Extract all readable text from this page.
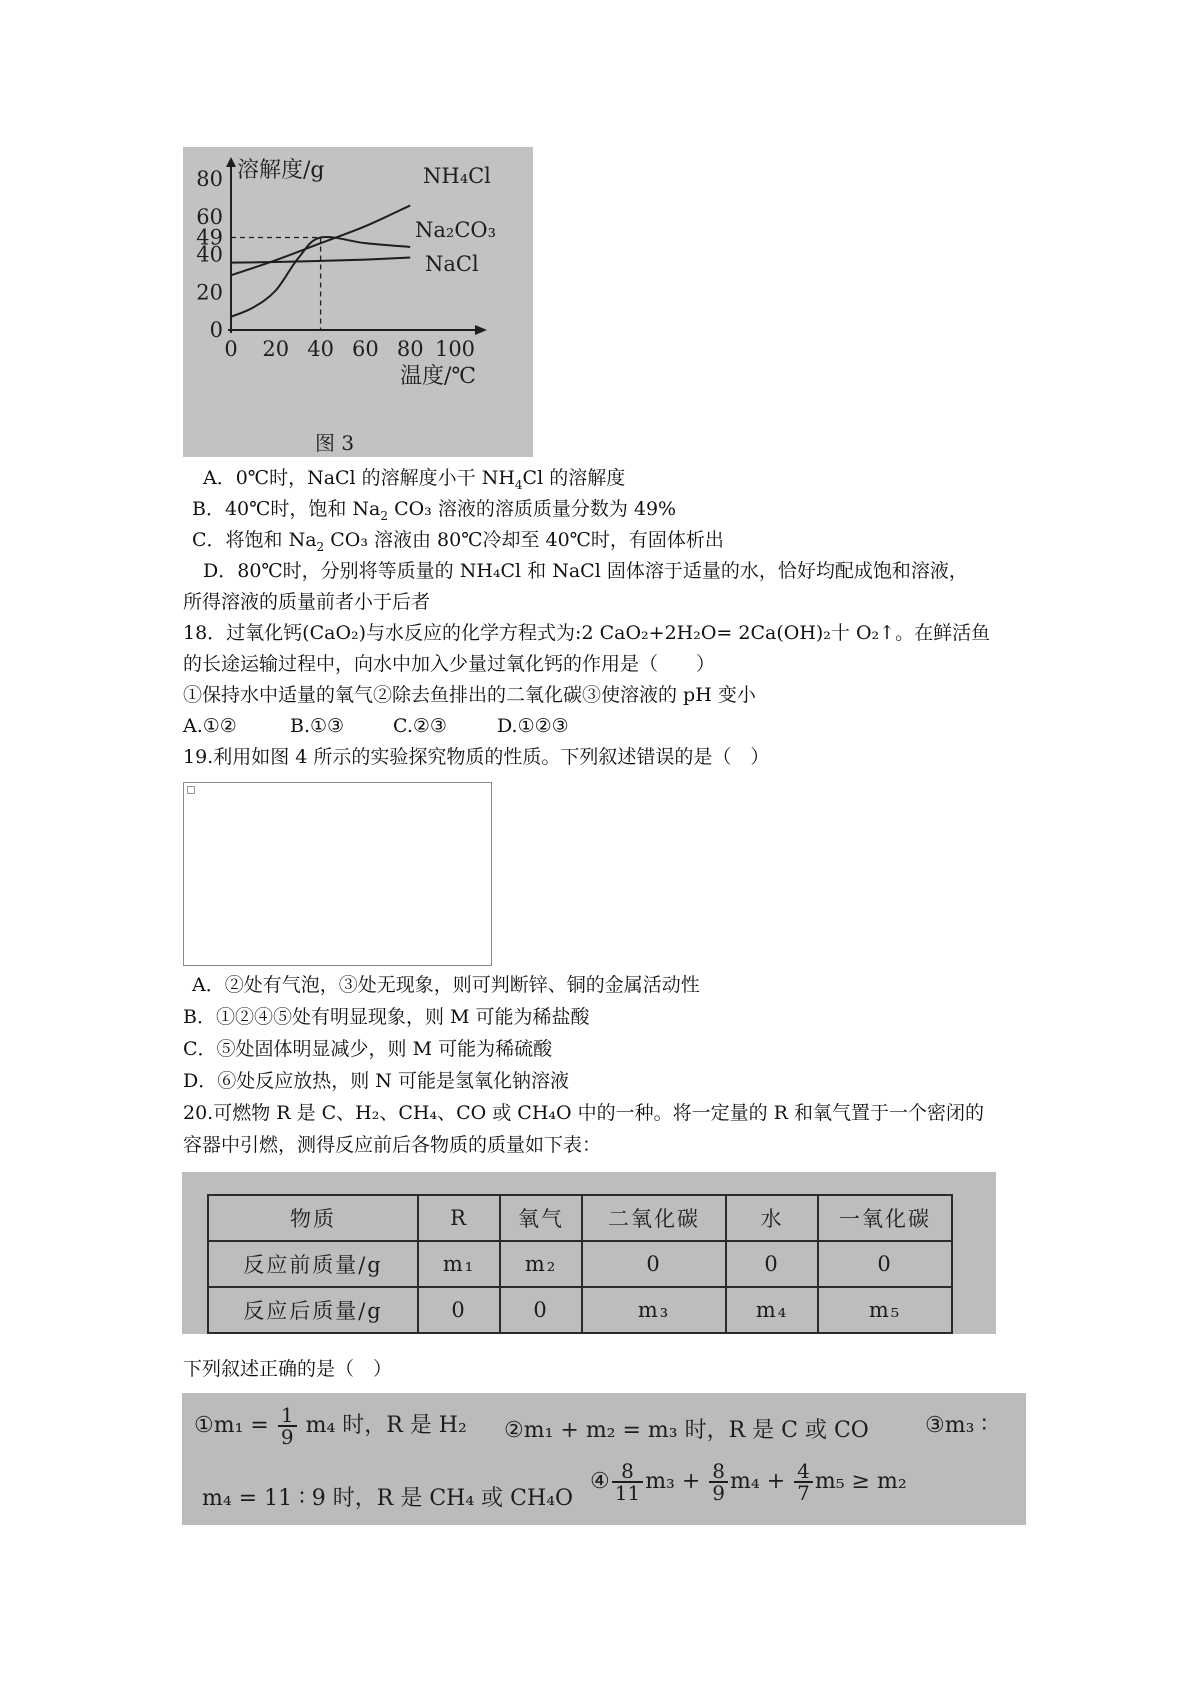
0
20
40
49
60
80
0 20 40 60 80 100
溶解度/g
温度/℃
NH₄Cl
Na₂CO₃
NaCl
图 3
A．0℃时，NaCl 的溶解度小干 $NH_4Cl$ 的溶解度
B．40℃时，饱和 $Na_2$ CO₃ 溶液的溶质质量分数为 49%
C．将饱和 $Na_2$ CO₃ 溶液由 80℃冷却至 40℃时，有固体析出
D．80℃时，分别将等质量的 NH₄Cl 和 NaCl 固体溶于适量的水，恰好均配成饱和溶液，
所得溶液的质量前者小于后者
18．过氧化钙(CaO₂)与水反应的化学方程式为:2 CaO₂+2H₂O= 2Ca(OH)₂十 O₂↑。在鲜活鱼
的长途运输过程中，向水中加入少量过氧化钙的作用是（　　）
①保持水中适量的氧气②除去鱼排出的二氧化碳③使溶液的 pH 变小
A.①②	B.①③	C.②③	D.①②③
19.利用如图 4 所示的实验探究物质的性质。下列叙述错误的是（　）
A．②处有气泡，③处无现象，则可判断锌、铜的金属活动性
B．①②④⑤处有明显现象，则 M 可能为稀盐酸
C．⑤处固体明显减少，则 M 可能为稀硫酸
D．⑥处反应放热，则 N 可能是氢氧化钠溶液
20.可燃物 R 是 C、H₂、CH₄、CO 或 CH₄O 中的一种。将一定量的 R 和氧气置于一个密闭的
容器中引燃，测得反应前后各物质的质量如下表：
物质	R	氧气	二氧化碳	水	一氧化碳
反应前质量/g	m₁	m₂	0	0	0
反应后质量/g	0	0	m₃	m₄	m₅
下列叙述正确的是（　）
①m₁ = $\frac{1}{9} m_4$ 时，R 是 H₂ ②m₁ + m₂ = m₃ 时，R 是 C 或 CO	③m₃ ∶
m₄ = 11 ∶ 9 时，R 是 CH₄ 或 CH₄O
④ $\frac{8}{11} m_3 + \frac{8}{9} m_4 + \frac{4}{7} m_5 \ge m_2$
